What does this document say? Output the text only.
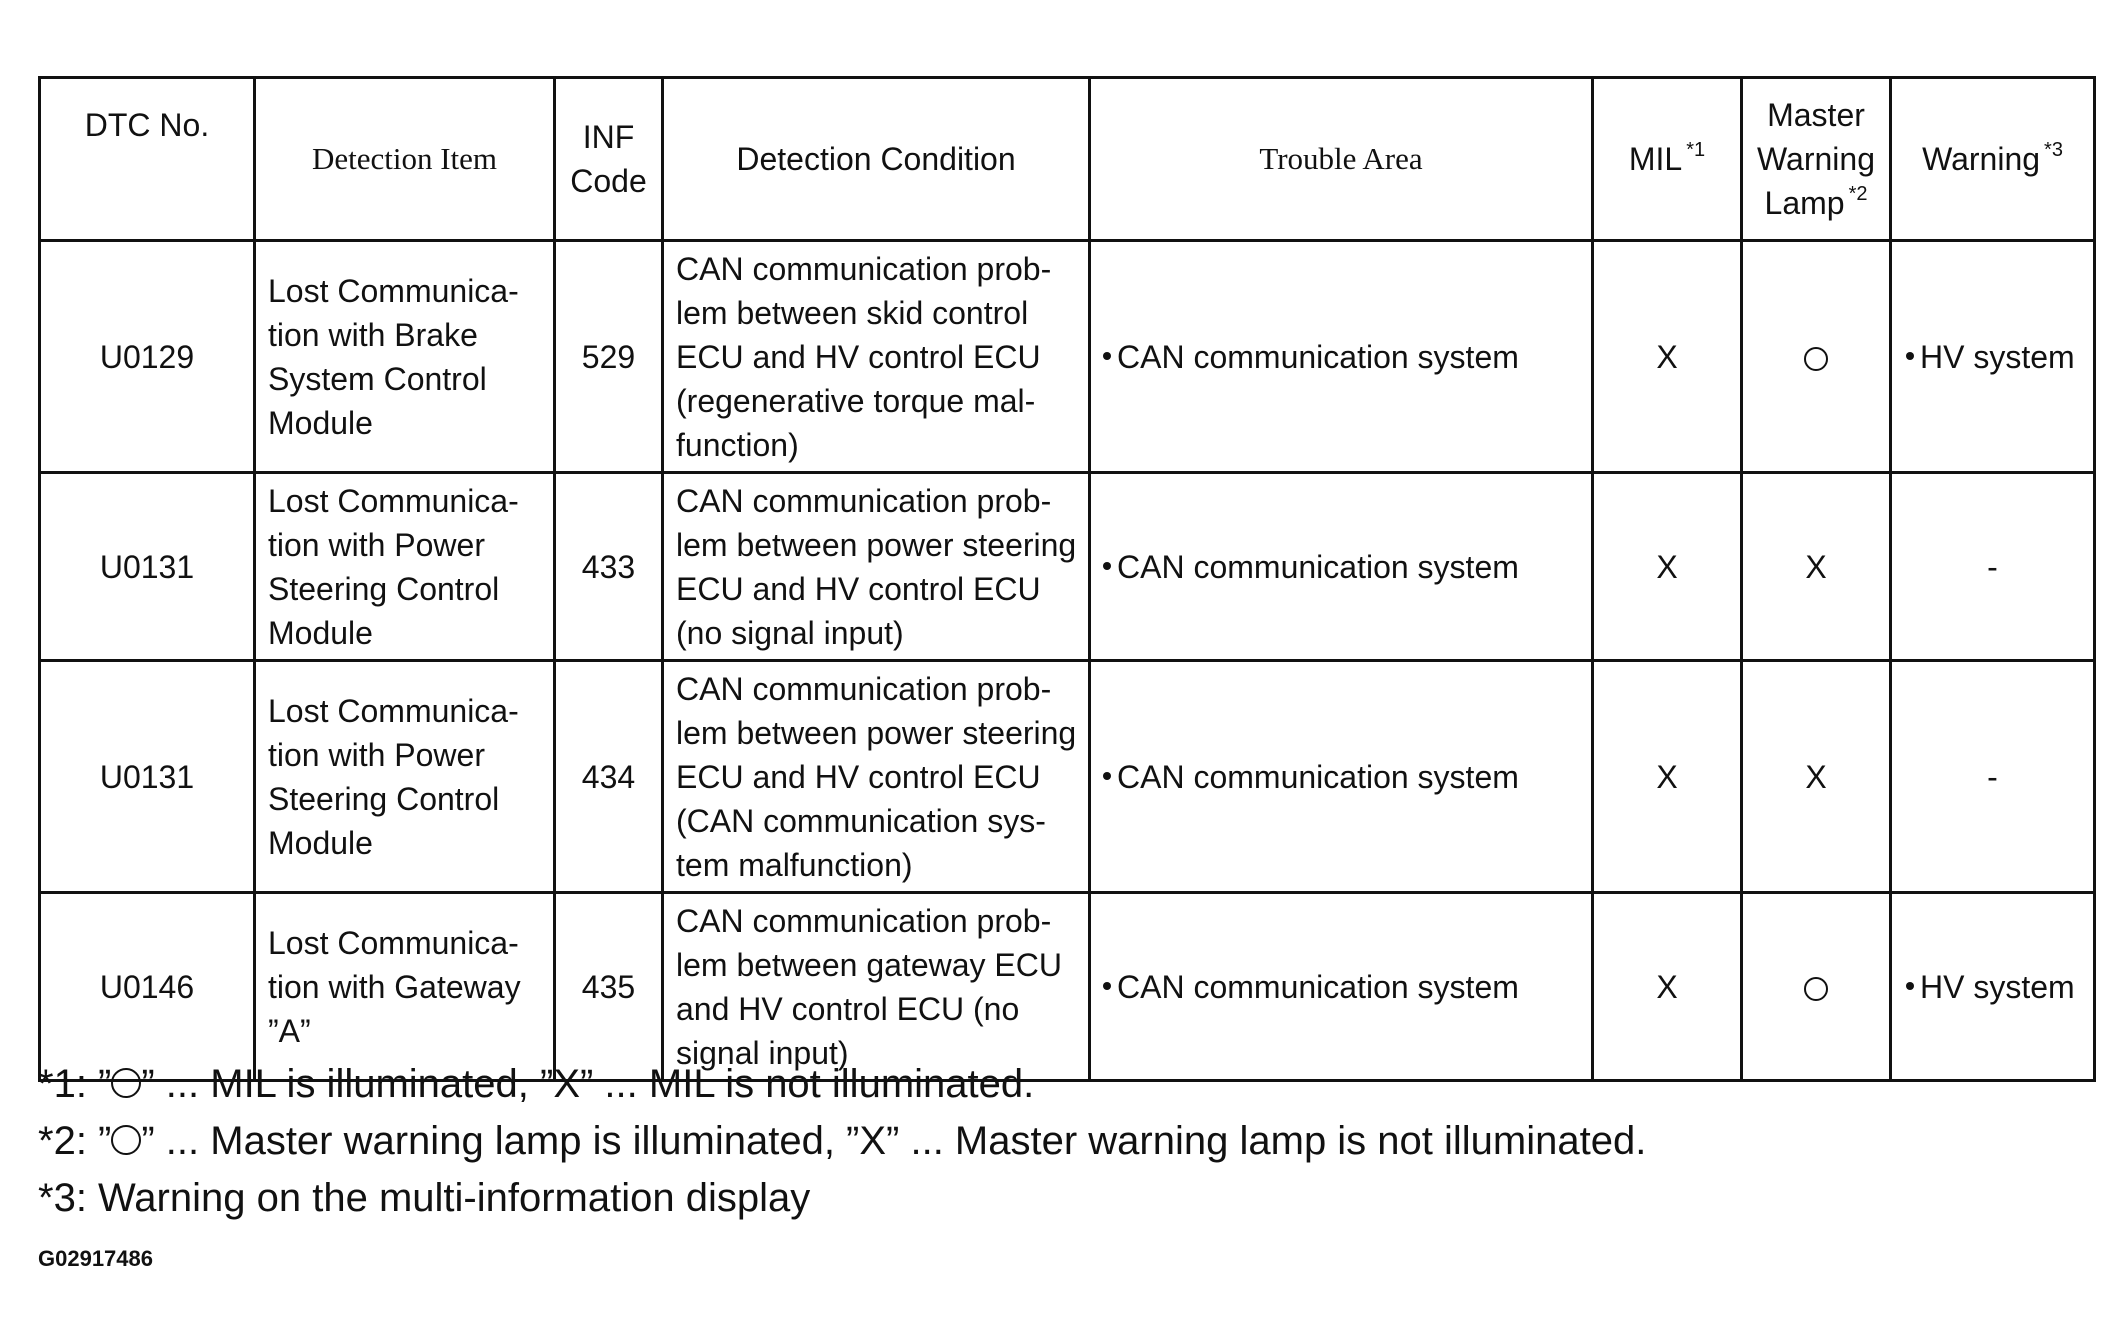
DTC No.	Detection Item	INF
Code	Detection Condition	Trouble Area	MIL $^{*1}$	Master
Warning
Lamp $^{*2}$	Warning $^{*3}$
U0129	Lost Communica-
tion with Brake
System Control
Module	529	CAN communication prob-
lem between skid control
ECU and HV control ECU
(regenerative torque mal-
function)	CAN communication system	X		HV system
U0131	Lost Communica-
tion with Power
Steering Control
Module	433	CAN communication prob-
lem between power steering
ECU and HV control ECU
(no signal input)	CAN communication system	X	X	-
U0131	Lost Communica-
tion with Power
Steering Control
Module	434	CAN communication prob-
lem between power steering
ECU and HV control ECU
(CAN communication sys-
tem malfunction)	CAN communication system	X	X	-
U0146	Lost Communica-
tion with Gateway
”A”	435	CAN communication prob-
lem between gateway ECU
and HV control ECU (no
signal input)	CAN communication system	X		HV system
*1: ” ” ... MIL is illuminated, ”X” ... MIL is not illuminated.
*2: ” ” ... Master warning lamp is illuminated, ”X” ... Master warning lamp is not illuminated.
*3: Warning on the multi-information display
G02917486
